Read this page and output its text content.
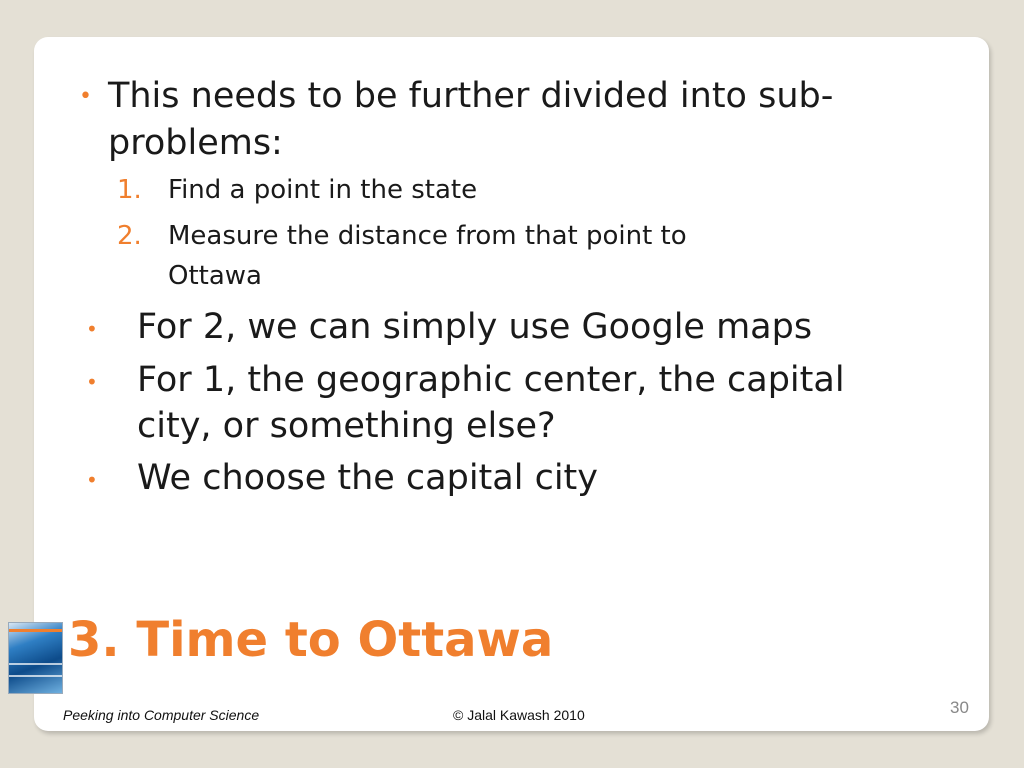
• This needs to be further divided into sub-
problems:
1. Find a point in the state
2. Measure the distance from that point to
Ottawa
• For 2, we can simply use Google maps
• For 1, the geographic center, the capital
city, or something else?
• We choose the capital city
3. Time to Ottawa
Peeking into Computer Science	© Jalal Kawash 2010	30
